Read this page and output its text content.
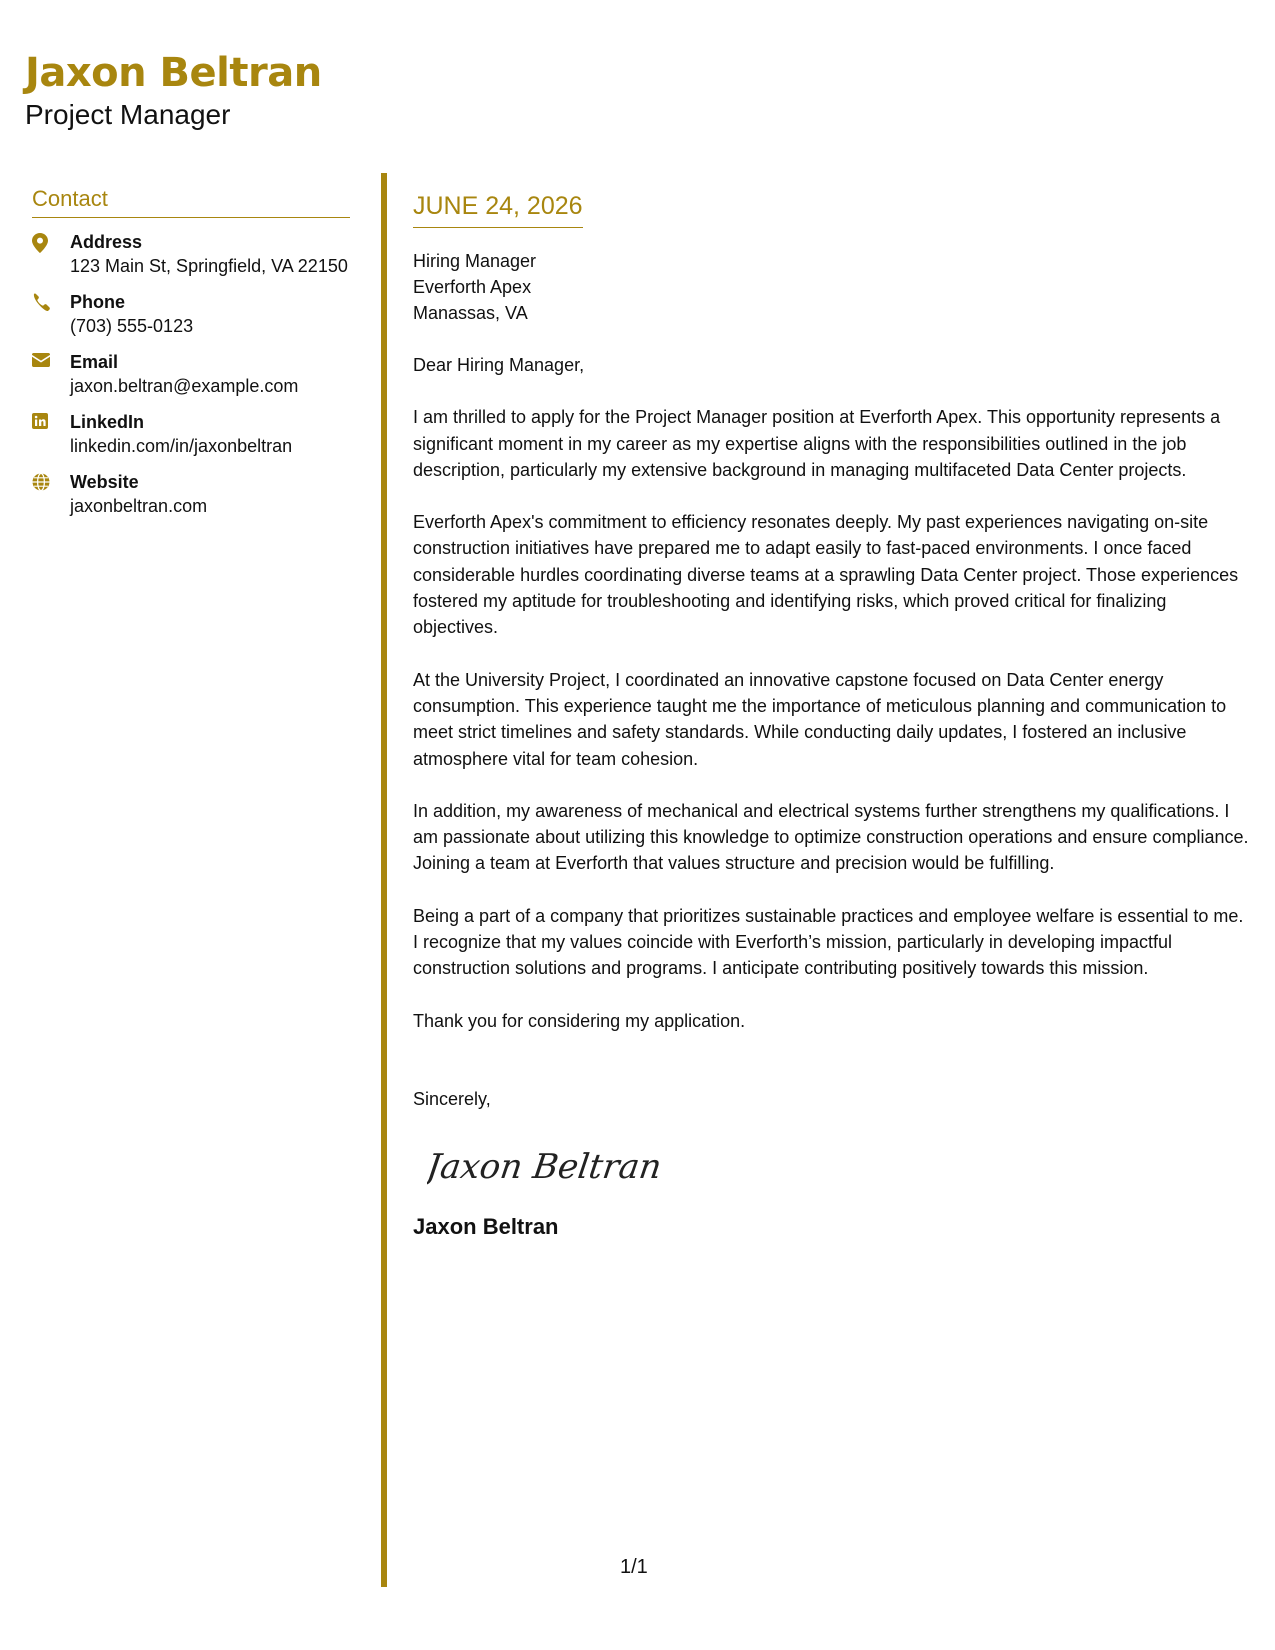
Jaxon Beltran
Project Manager
Contact
Address
123 Main St, Springfield, VA 22150
Phone
(703) 555-0123
Email
jaxon.beltran@example.com
LinkedIn
linkedin.com/in/jaxonbeltran
Website
jaxonbeltran.com
JUNE 24, 2026
Hiring Manager
Everforth Apex
Manassas, VA
Dear Hiring Manager,

I am thrilled to apply for the Project Manager position at Everforth Apex. This opportunity represents a significant moment in my career as my expertise aligns with the responsibilities outlined in the job description, particularly my extensive background in managing multifaceted Data Center projects.

Everforth Apex's commitment to efficiency resonates deeply. My past experiences navigating on-site construction initiatives have prepared me to adapt easily to fast-paced environments. I once faced considerable hurdles coordinating diverse teams at a sprawling Data Center project. Those experiences fostered my aptitude for troubleshooting and identifying risks, which proved critical for finalizing objectives.

At the University Project, I coordinated an innovative capstone focused on Data Center energy consumption. This experience taught me the importance of meticulous planning and communication to meet strict timelines and safety standards. While conducting daily updates, I fostered an inclusive atmosphere vital for team cohesion.

In addition, my awareness of mechanical and electrical systems further strengthens my qualifications. I am passionate about utilizing this knowledge to optimize construction operations and ensure compliance. Joining a team at Everforth that values structure and precision would be fulfilling.

Being a part of a company that prioritizes sustainable practices and employee welfare is essential to me. I recognize that my values coincide with Everforth’s mission, particularly in developing impactful construction solutions and programs. I anticipate contributing positively towards this mission.

Thank you for considering my application.

Sincerely,
Jaxon Beltran
Jaxon Beltran
1/1
